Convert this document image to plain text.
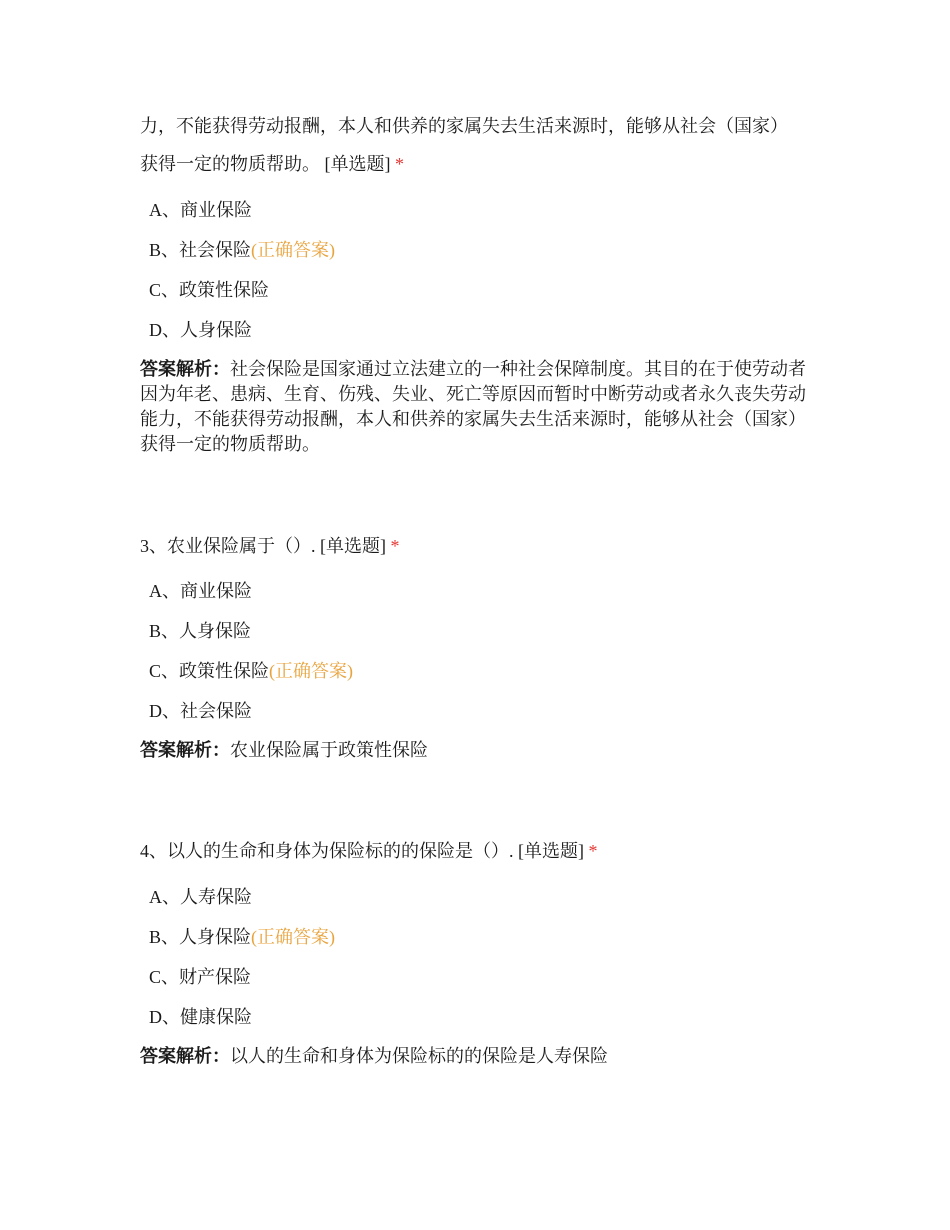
力，不能获得劳动报酬，本人和供养的家属失去生活来源时，能够从社会（国家）
获得一定的物质帮助。 [单选题] *
A、商业保险
B、社会保险(正确答案)
C、政策性保险
D、人身保险
答案解析：社会保险是国家通过立法建立的一种社会保障制度。其目的在于使劳动者因为年老、患病、生育、伤残、失业、死亡等原因而暂时中断劳动或者永久丧失劳动能力，不能获得劳动报酬，本人和供养的家属失去生活来源时，能够从社会（国家）获得一定的物质帮助。
3、农业保险属于（）. [单选题] *
A、商业保险
B、人身保险
C、政策性保险(正确答案)
D、社会保险
答案解析：农业保险属于政策性保险
4、以人的生命和身体为保险标的的保险是（）. [单选题] *
A、人寿保险
B、人身保险(正确答案)
C、财产保险
D、健康保险
答案解析：以人的生命和身体为保险标的的保险是人寿保险
